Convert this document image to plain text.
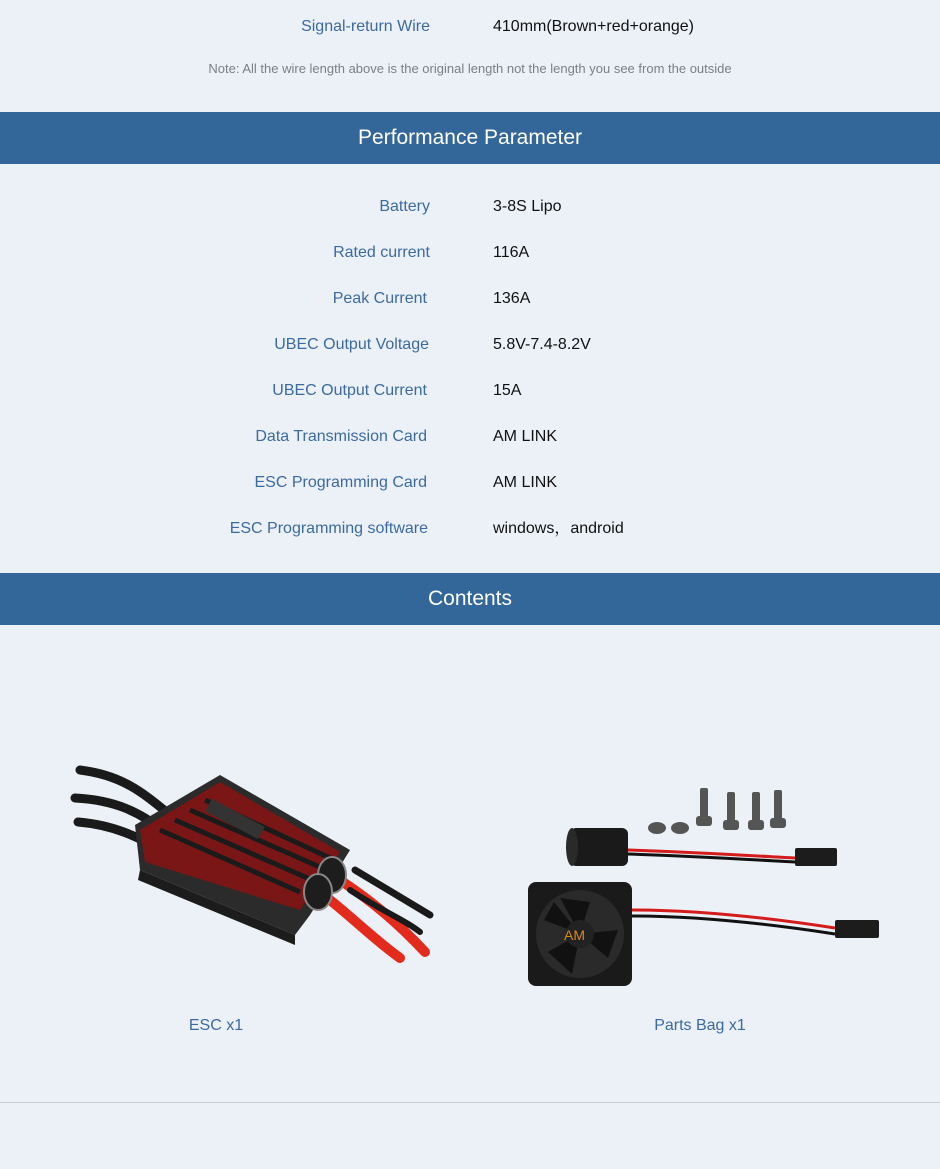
Signal-return Wire	410mm(Brown+red+orange)
Note: All the wire length above is the original length not the length you see from the outside
Performance Parameter
Battery	3-8S Lipo
Rated current	116A
Peak Current	136A
UBEC Output Voltage	5.8V-7.4-8.2V
UBEC Output Current	15A
Data Transmission Card	AM LINK
ESC Programming Card	AM LINK
ESC Programming software	windows，android
Contents
AM
ESC x1	Parts Bag x1
